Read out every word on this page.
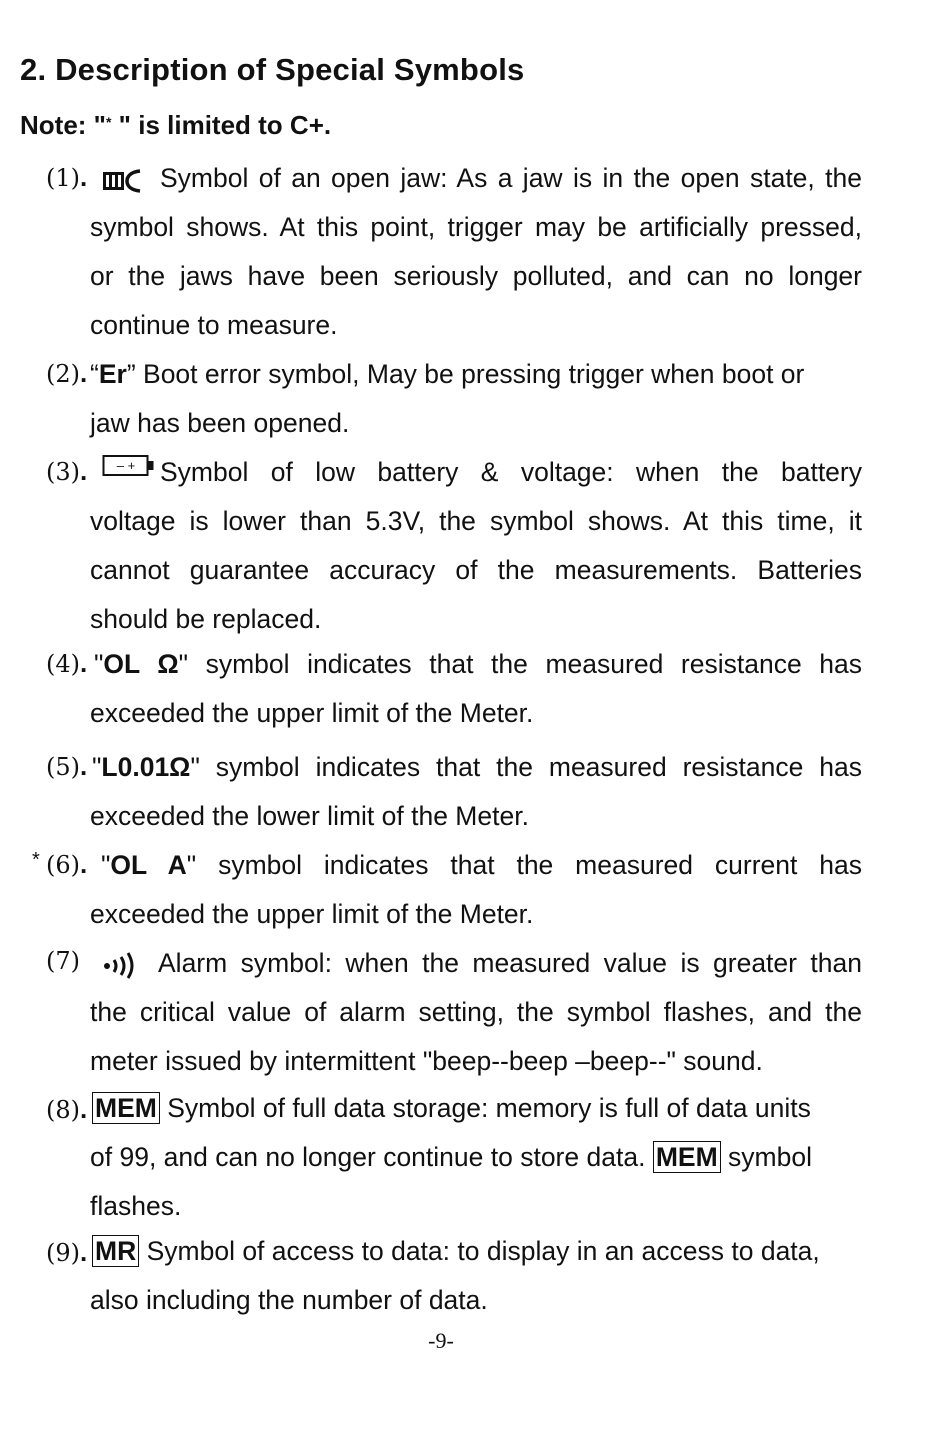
2. Description of Special Symbols
Note: "* " is limited to C+.
(1).	Symbol of an open jaw: As a jaw is in the open state, the
symbol shows. At this point, trigger may be artificially pressed,
or the jaws have been seriously polluted, and can no longer
continue to measure.
(2). “Er” Boot error symbol, May be pressing trigger when boot or
jaw has been opened.
(3). – + Symbol of low battery & voltage: when the battery
voltage is lower than 5.3V, the symbol shows. At this time, it
cannot guarantee accuracy of the measurements. Batteries
should be replaced.
(4). "OL Ω" symbol indicates that the measured resistance has
exceeded the upper limit of the Meter.
(5). "L0.01Ω" symbol indicates that the measured resistance has
exceeded the lower limit of the Meter.
* (6). "OL A" symbol indicates that the measured current has
exceeded the upper limit of the Meter.
(7)	Alarm symbol: when the measured value is greater than
the critical value of alarm setting, the symbol flashes, and the
meter issued by intermittent "beep--beep –beep--" sound.
(8). MEM Symbol of full data storage: memory is full of data units
of 99, and can no longer continue to store data. MEM symbol
flashes.
(9). MR Symbol of access to data: to display in an access to data,
also including the number of data.
-9-
